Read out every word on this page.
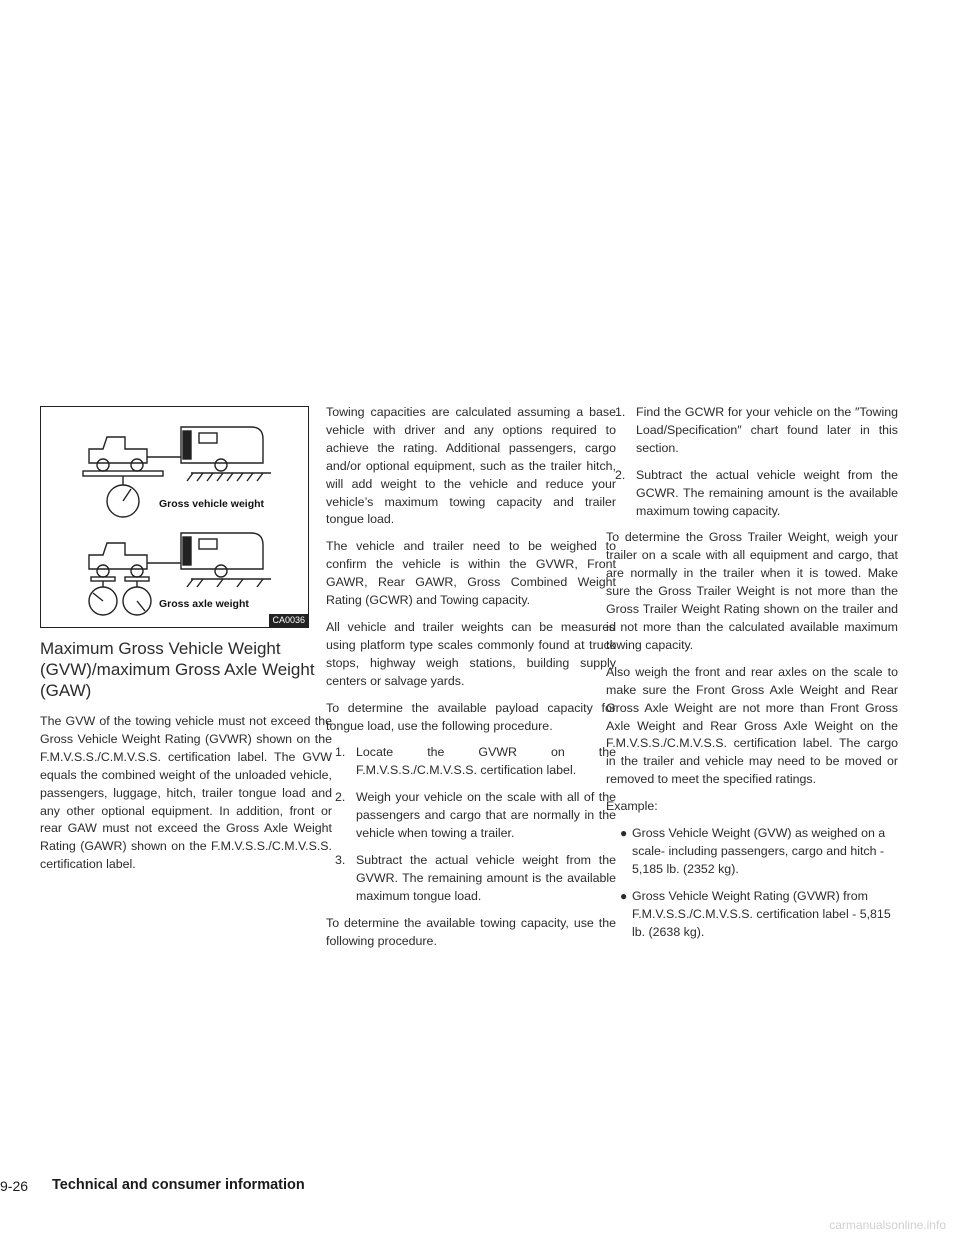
Gross vehicle weight
Gross axle weight
CA0036
Maximum Gross Vehicle Weight (GVW)/maximum Gross Axle Weight (GAW)

The GVW of the towing vehicle must not exceed the Gross Vehicle Weight Rating (GVWR) shown on the F.M.V.S.S./C.M.V.S.S. certification label. The GVW equals the combined weight of the unloaded vehicle, passengers, luggage, hitch, trailer tongue load and any other optional equipment. In addition, front or rear GAW must not exceed the Gross Axle Weight Rating (GAWR) shown on the F.M.V.S.S./C.M.V.S.S. certification label.

Towing capacities are calculated assuming a base vehicle with driver and any options required to achieve the rating. Additional passengers, cargo and/or optional equipment, such as the trailer hitch, will add weight to the vehicle and reduce your vehicle’s maximum towing capacity and trailer tongue load.

The vehicle and trailer need to be weighed to confirm the vehicle is within the GVWR, Front GAWR, Rear GAWR, Gross Combined Weight Rating (GCWR) and Towing capacity.

All vehicle and trailer weights can be measured using platform type scales commonly found at truck stops, highway weigh stations, building supply centers or salvage yards.

To determine the available payload capacity for tongue load, use the following procedure.

1. Locate the GVWR on the F.M.V.S.S./C.M.V.S.S. certification label.
2. Weigh your vehicle on the scale with all of the passengers and cargo that are normally in the vehicle when towing a trailer.
3. Subtract the actual vehicle weight from the GVWR. The remaining amount is the available maximum tongue load.

To determine the available towing capacity, use the following procedure.

1. Find the GCWR for your vehicle on the ″Towing Load/Specification″ chart found later in this section.
2. Subtract the actual vehicle weight from the GCWR. The remaining amount is the available maximum towing capacity.

To determine the Gross Trailer Weight, weigh your trailer on a scale with all equipment and cargo, that are normally in the trailer when it is towed. Make sure the Gross Trailer Weight is not more than the Gross Trailer Weight Rating shown on the trailer and is not more than the calculated available maximum towing capacity.

Also weigh the front and rear axles on the scale to make sure the Front Gross Axle Weight and Rear Gross Axle Weight are not more than Front Gross Axle Weight and Rear Gross Axle Weight on the F.M.V.S.S./C.M.V.S.S. certification label. The cargo in the trailer and vehicle may need to be moved or removed to meet the specified ratings.

Example:

● Gross Vehicle Weight (GVW) as weighed on a scale- including passengers, cargo and hitch - 5,185 lb. (2352 kg).
● Gross Vehicle Weight Rating (GVWR) from F.M.V.S.S./C.M.V.S.S. certification label - 5,815 lb. (2638 kg).
9-26 Technical and consumer information
carmanualsonline.info
